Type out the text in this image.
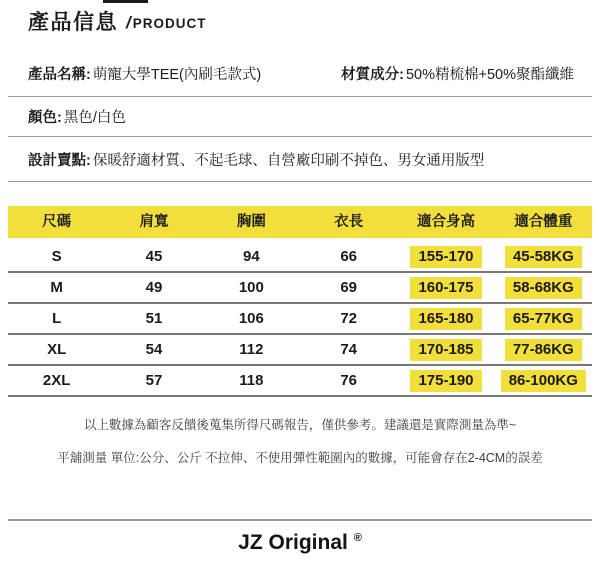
產品信息 / PRODUCT
產品名稱: 萌寵大學TEE(內刷毛款式)	材質成分: 50%精梳棉+50%聚酯纖維
顏色: 黑色/白色
設計賣點: 保暖舒適材質、不起毛球、自營廠印刷不掉色、男女通用版型
尺碼	肩寬	胸圍	衣長	適合身高	適合體重
S	45	94	66	155-170	45-58KG
M	49	100	69	160-175	58-68KG
L	51	106	72	165-180	65-77KG
XL	54	112	74	170-185	77-86KG
2XL	57	118	76	175-190	86-100KG
以上數據為顧客反饋後蒐集所得尺碼報告，僅供參考。建議還是實際測量為準~
平舖測量 單位:公分、公斤 不拉伸、不使用彈性範圍內的數據，可能會存在2-4CM的誤差
JZ Original ®
